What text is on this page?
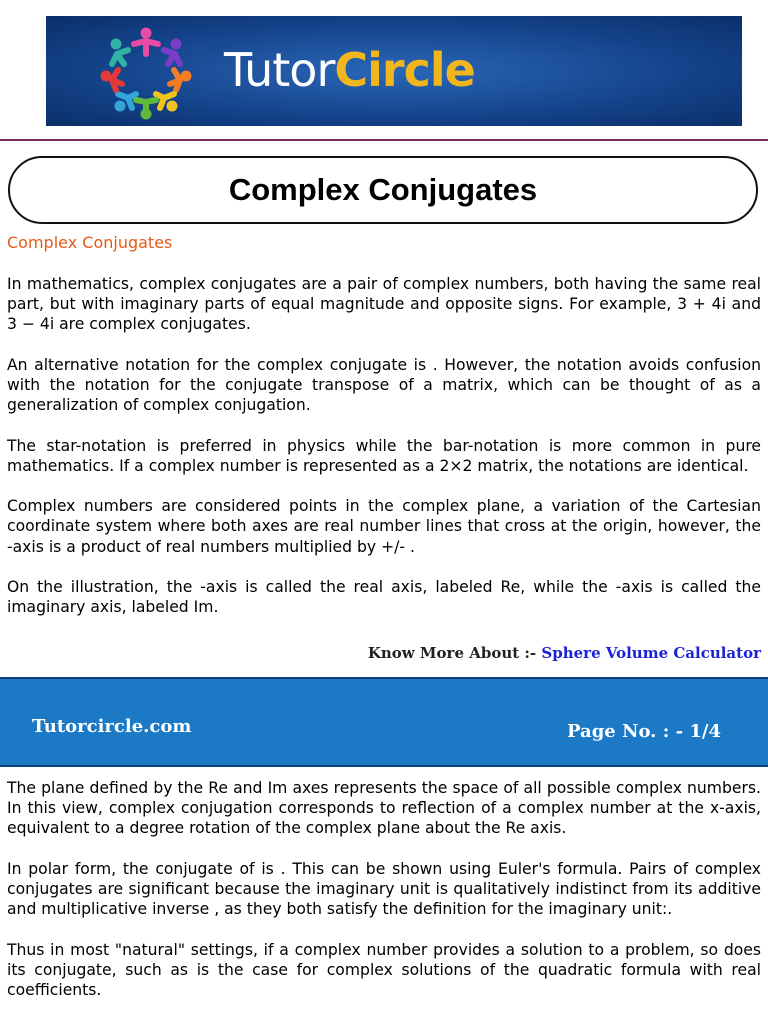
TutorCircle
Complex Conjugates
Complex Conjugates

In mathematics, complex conjugates are a pair of complex numbers, both having the same real part, but with imaginary parts of equal magnitude and opposite signs. For example, 3 + 4i and 3 − 4i are complex conjugates.

An alternative notation for the complex conjugate is . However, the notation avoids confusion with the notation for the conjugate transpose of a matrix, which can be thought of as a generalization of complex conjugation.

The star-notation is preferred in physics while the bar-notation is more common in pure mathematics. If a complex number is represented as a 2×2 matrix, the notations are identical.

Complex numbers are considered points in the complex plane, a variation of the Cartesian coordinate system where both axes are real number lines that cross at the origin, however, the -axis is a product of real numbers multiplied by +/- .

On the illustration, the -axis is called the real axis, labeled Re, while the -axis is called the imaginary axis, labeled Im.

Know More About :- Sphere Volume Calculator
Tutorcircle.com	Page No. : - 1/4

The plane defined by the Re and Im axes represents the space of all possible complex numbers. In this view, complex conjugation corresponds to reflection of a complex number at the x-axis, equivalent to a degree rotation of the complex plane about the Re axis.

In polar form, the conjugate of is . This can be shown using Euler's formula. Pairs of complex conjugates are significant because the imaginary unit is qualitatively indistinct from its additive and multiplicative inverse , as they both satisfy the definition for the imaginary unit:.

Thus in most "natural" settings, if a complex number provides a solution to a problem, so does its conjugate, such as is the case for complex solutions of the quadratic formula with real coefficients.
